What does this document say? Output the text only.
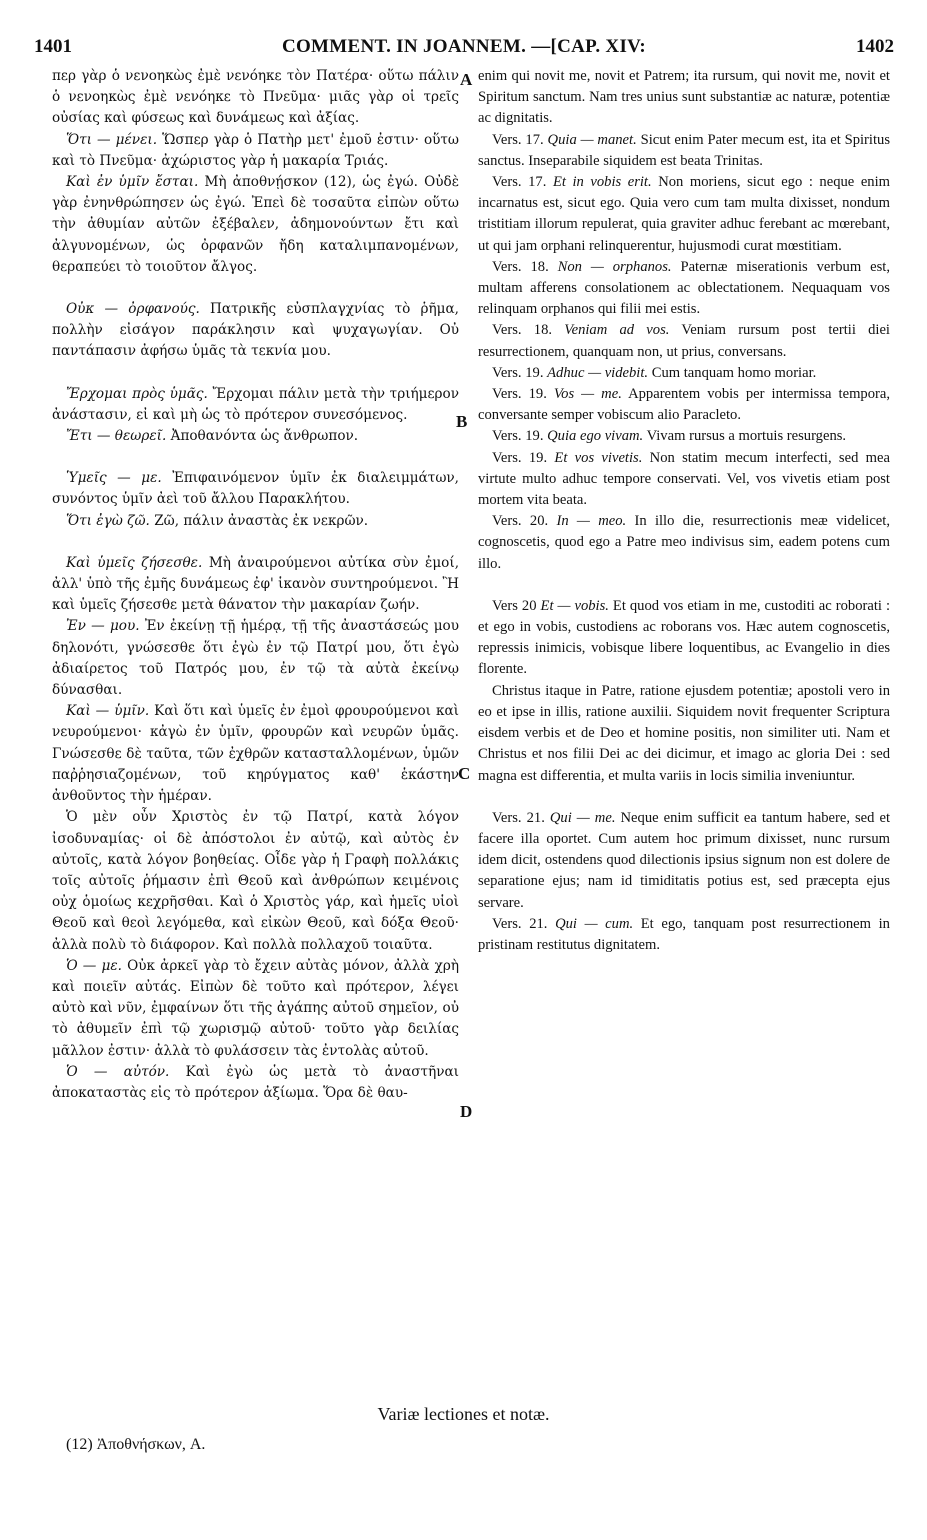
1401	COMMENT. IN JOANNEM. —[CAP. XIV:	1402

περ γὰρ ὁ νενοηκὼς ἐμὲ νενόηκε τὸν Πατέρα· οὕτω πάλιν ὁ νενοηκὼς ἐμὲ νενόηκε τὸ Πνεῦμα· μιᾶς γὰρ οἱ τρεῖς οὐσίας καὶ φύσεως καὶ δυνάμεως καὶ ἀξίας.

Ὅτι — μένει. Ὥσπερ γὰρ ὁ Πατὴρ μετ' ἐμοῦ ἐστιν· οὕτω καὶ τὸ Πνεῦμα· ἀχώριστος γὰρ ἡ μακαρία Τριάς.

Καὶ ἐν ὑμῖν ἔσται. Μὴ ἀποθνῄσκον (12), ὡς ἐγώ. Οὐδὲ γὰρ ἐνηνθρώπησεν ὡς ἐγώ. Ἐπεὶ δὲ τοσαῦτα εἰπὼν οὕτω τὴν ἀθυμίαν αὐτῶν ἐξέβαλεν, ἀδημονούντων ἔτι καὶ ἀλγυνομένων, ὡς ὀρφανῶν ἤδη καταλιμπανομένων, θεραπεύει τὸ τοιοῦτον ἄλγος.

Οὐκ — ὀρφανούς. Πατρικῆς εὐσπλαγχνίας τὸ ῥῆμα, πολλὴν εἰσάγον παράκλησιν καὶ ψυχαγωγίαν. Οὐ παντάπασιν ἀφήσω ὑμᾶς τὰ τεκνία μου.

Ἔρχομαι πρὸς ὑμᾶς. Ἔρχομαι πάλιν μετὰ τὴν τριήμερον ἀνάστασιν, εἰ καὶ μὴ ὡς τὸ πρότερον συνεσόμενος.

Ἔτι — θεωρεῖ. Ἀποθανόντα ὡς ἄνθρωπον.

Ὑμεῖς — με. Ἐπιφαινόμενον ὑμῖν ἐκ διαλειμμάτων, συνόντος ὑμῖν ἀεὶ τοῦ ἄλλου Παρακλήτου.

Ὅτι ἐγὼ ζῶ. Ζῶ, πάλιν ἀναστὰς ἐκ νεκρῶν.

Καὶ ὑμεῖς ζήσεσθε. Μὴ ἀναιρούμενοι αὐτίκα σὺν ἐμοί, ἀλλ' ὑπὸ τῆς ἐμῆς δυνάμεως ἐφ' ἱκανὸν συντηρούμενοι. Ἢ καὶ ὑμεῖς ζήσεσθε μετὰ θάνατον τὴν μακαρίαν ζωήν.

Ἐν — μου. Ἐν ἐκείνῃ τῇ ἡμέρᾳ, τῇ τῆς ἀναστάσεώς μου δηλονότι, γνώσεσθε ὅτι ἐγὼ ἐν τῷ Πατρί μου, ὅτι ἐγὼ ἀδιαίρετος τοῦ Πατρός μου, ἐν τῷ τὰ αὐτὰ ἐκείνῳ δύνασθαι.

Καὶ — ὑμῖν. Καὶ ὅτι καὶ ὑμεῖς ἐν ἐμοὶ φρουρούμενοι καὶ νευρούμενοι· κἀγὼ ἐν ὑμῖν, φρουρῶν καὶ νευρῶν ὑμᾶς. Γνώσεσθε δὲ ταῦτα, τῶν ἐχθρῶν κατασταλλομένων, ὑμῶν παῤῥησιαζομένων, τοῦ κηρύγματος καθ' ἑκάστην ἀνθοῦντος τὴν ἡμέραν.

Ὁ μὲν οὖν Χριστὸς ἐν τῷ Πατρί, κατὰ λόγον ἰσοδυναμίας· οἱ δὲ ἀπόστολοι ἐν αὐτῷ, καὶ αὐτὸς ἐν αὐτοῖς, κατὰ λόγον βοηθείας. Οἶδε γὰρ ἡ Γραφὴ πολλάκις τοῖς αὐτοῖς ῥήμασιν ἐπὶ Θεοῦ καὶ ἀνθρώπων κειμένοις οὐχ ὁμοίως κεχρῆσθαι. Καὶ ὁ Χριστὸς γάρ, καὶ ἡμεῖς υἱοὶ Θεοῦ καὶ θεοὶ λεγόμεθα, καὶ εἰκὼν Θεοῦ, καὶ δόξα Θεοῦ· ἀλλὰ πολὺ τὸ διάφορον. Καὶ πολλὰ πολλαχοῦ τοιαῦτα.

Ὁ — με. Οὐκ ἀρκεῖ γὰρ τὸ ἔχειν αὐτὰς μόνον, ἀλλὰ χρὴ καὶ ποιεῖν αὐτάς. Εἰπὼν δὲ τοῦτο καὶ πρότερον, λέγει αὐτὸ καὶ νῦν, ἐμφαίνων ὅτι τῆς ἀγάπης αὐτοῦ σημεῖον, οὐ τὸ ἀθυμεῖν ἐπὶ τῷ χωρισμῷ αὐτοῦ· τοῦτο γὰρ δειλίας μᾶλλον ἐστιν· ἀλλὰ τὸ φυλάσσειν τὰς ἐντολὰς αὐτοῦ.

Ὁ — αὐτόν. Καὶ ἐγὼ ὡς μετὰ τὸ ἀναστῆναι ἀποκαταστὰς εἰς τὸ πρότερον ἀξίωμα. Ὅρα δὲ θαυ-

enim qui novit me, novit et Patrem; ita rursum, qui novit me, novit et Spiritum sanctum. Nam tres unius sunt substantiæ ac naturæ, potentiæ ac dignitatis.

Vers. 17. Quia — manet. Sicut enim Pater mecum est, ita et Spiritus sanctus. Inseparabile siquidem est beata Trinitas.

Vers. 17. Et in vobis erit. Non moriens, sicut ego : neque enim incarnatus est, sicut ego. Quia vero cum tam multa dixisset, nondum tristitiam illorum repulerat, quia graviter adhuc ferebant ac mœrebant, ut qui jam orphani relinquerentur, hujusmodi curat mœstitiam.

Vers. 18. Non — orphanos. Paternæ miserationis verbum est, multam afferens consolationem ac oblectationem. Nequaquam vos relinquam orphanos qui filii mei estis.

Vers. 18. Veniam ad vos. Veniam rursum post tertii diei resurrectionem, quanquam non, ut prius, conversans.

Vers. 19. Adhuc — videbit. Cum tanquam homo moriar.

Vers. 19. Vos — me. Apparentem vobis per intermissa tempora, conversante semper vobiscum alio Paracleto.

Vers. 19. Quia ego vivam. Vivam rursus a mortuis resurgens.

Vers. 19. Et vos vivetis. Non statim mecum interfecti, sed mea virtute multo adhuc tempore conservati. Vel, vos vivetis etiam post mortem vita beata.

Vers. 20. In — meo. In illo die, resurrectionis meæ videlicet, cognoscetis, quod ego a Patre meo indivisus sim, eadem potens cum illo.

Vers 20 Et — vobis. Et quod vos etiam in me, custoditi ac roborati : et ego in vobis, custodiens ac roborans vos. Hæc autem cognoscetis, repressis inimicis, vobisque libere loquentibus, ac Evangelio in dies florente.

Christus itaque in Patre, ratione ejusdem potentiæ; apostoli vero in eo et ipse in illis, ratione auxilii. Siquidem novit frequenter Scriptura eisdem verbis et de Deo et homine positis, non similiter uti. Nam et Christus et nos filii Dei ac dei dicimur, et imago ac gloria Dei : sed magna est differentia, et multa variis in locis similia inveniuntur.

Vers. 21. Qui — me. Neque enim sufficit ea tantum habere, sed et facere illa oportet. Cum autem hoc primum dixisset, nunc rursum idem dicit, ostendens quod dilectionis ipsius signum non est dolere de separatione ejus; nam id timiditatis potius est, sed præcepta ejus servare.

Vers. 21. Qui — cum. Et ego, tanquam post resurrectionem in pristinam restitutus dignitatem.

A
B
C
D
Variæ lectiones et notæ.
(12) Ἀποθνήσκων, A.
